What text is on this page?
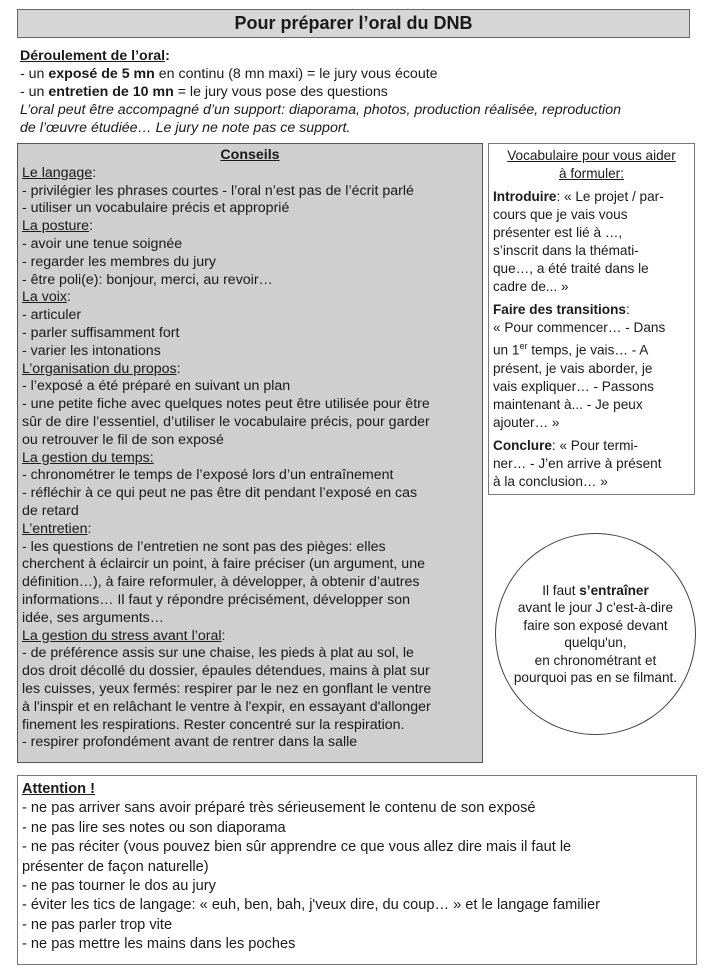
Pour préparer l’oral du DNB
Déroulement de l’oral:
- un exposé de 5 mn en continu (8 mn maxi) = le jury vous écoute
- un entretien de 10 mn = le jury vous pose des questions
L’oral peut être accompagné d’un support: diaporama, photos, production réalisée, reproduction
de l’œuvre étudiée… Le jury ne note pas ce support.
Conseils
Le langage:
- privilégier les phrases courtes - l’oral n’est pas de l’écrit parlé
- utiliser un vocabulaire précis et approprié
La posture:
- avoir une tenue soignée
- regarder les membres du jury
- être poli(e): bonjour, merci, au revoir…
La voix:
- articuler
- parler suffisamment fort
- varier les intonations
L’organisation du propos:
- l’exposé a été préparé en suivant un plan
- une petite fiche avec quelques notes peut être utilisée pour être
sûr de dire l’essentiel, d’utiliser le vocabulaire précis, pour garder
ou retrouver le fil de son exposé
La gestion du temps:
- chronométrer le temps de l’exposé lors d’un entraînement
- réfléchir à ce qui peut ne pas être dit pendant l’exposé en cas
de retard
L’entretien:
- les questions de l’entretien ne sont pas des pièges: elles
cherchent à éclaircir un point, à faire préciser (un argument, une
définition…), à faire reformuler, à développer, à obtenir d’autres
informations… Il faut y répondre précisément, développer son
idée, ses arguments…
La gestion du stress avant l’oral:
- de préférence assis sur une chaise, les pieds à plat au sol, le
dos droit décollé du dossier, épaules détendues, mains à plat sur
les cuisses, yeux fermés: respirer par le nez en gonflant le ventre
à l'inspir et en relâchant le ventre à l'expir, en essayant d'allonger
finement les respirations. Rester concentré sur la respiration.
- respirer profondément avant de rentrer dans la salle
Vocabulaire pour vous aider
à formuler:
Introduire: « Le projet / par-
cours que je vais vous
présenter est lié à …,
s’inscrit dans la thémati-
que…, a été traité dans le
cadre de... »
Faire des transitions:
« Pour commencer… - Dans
un 1er temps, je vais… - A
présent, je vais aborder, je
vais expliquer… - Passons
maintenant à... - Je peux
ajouter… »
Conclure: « Pour termi-
ner… - J’en arrive à présent
à la conclusion… »
Il faut s’entraîner
avant le jour J c'est-à-dire
faire son exposé devant
quelqu'un,
en chronométrant et
pourquoi pas en se filmant.
Attention !
- ne pas arriver sans avoir préparé très sérieusement le contenu de son exposé
- ne pas lire ses notes ou son diaporama
- ne pas réciter (vous pouvez bien sûr apprendre ce que vous allez dire mais il faut le
présenter de façon naturelle)
- ne pas tourner le dos au jury
- éviter les tics de langage: « euh, ben, bah, j'veux dire, du coup… » et le langage familier
- ne pas parler trop vite
- ne pas mettre les mains dans les poches
